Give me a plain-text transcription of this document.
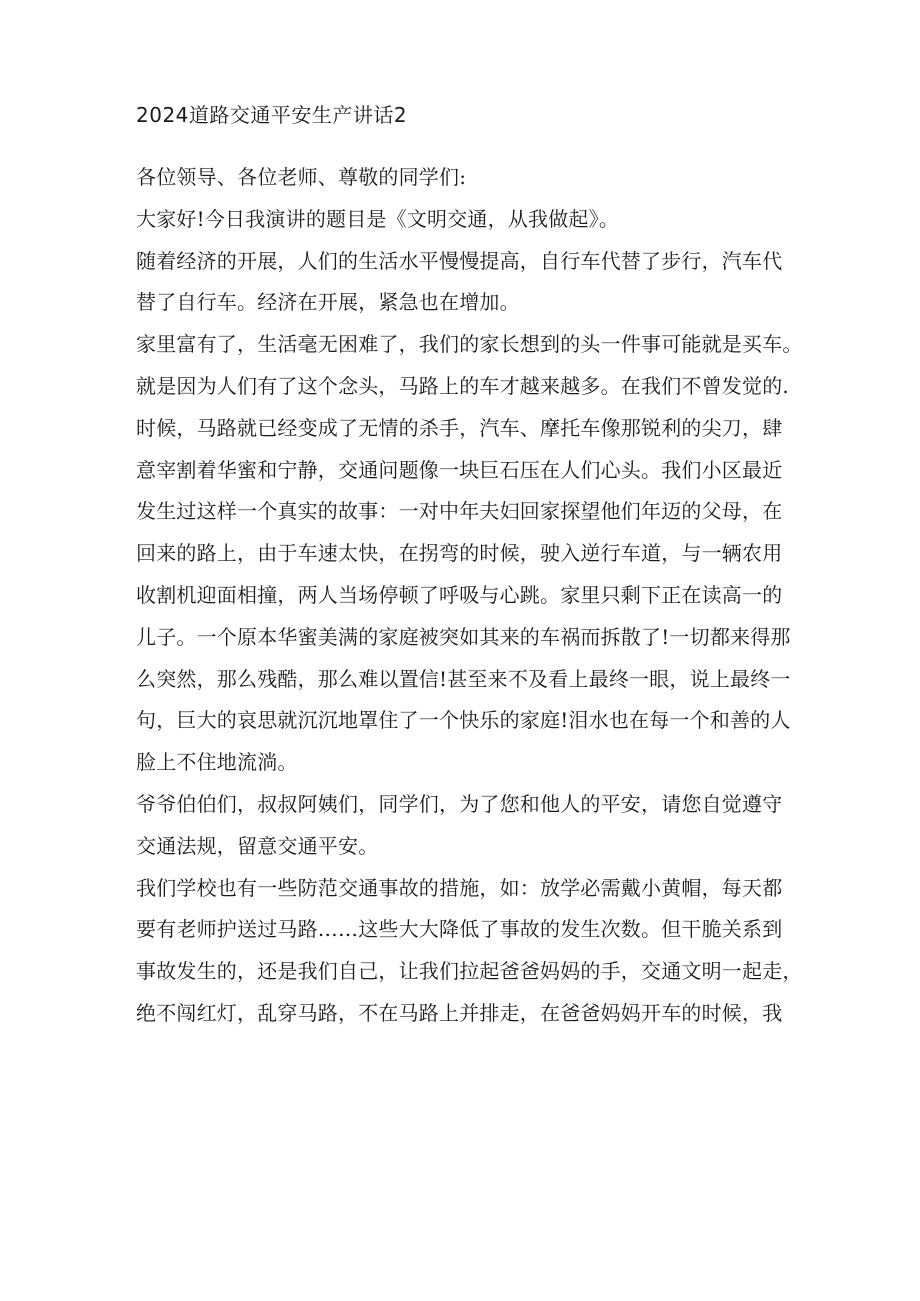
2024道路交通平安生产讲话2
各位领导、各位老师、尊敬的同学们:
大家好!今日我演讲的题目是《文明交通，从我做起》。
随着经济的开展，人们的生活水平慢慢提高，自行车代替了步行，汽车代
替了自行车。经济在开展，紧急也在增加。
家里富有了，生活毫无困难了，我们的家长想到的头一件事可能就是买车。
就是因为人们有了这个念头，马路上的车才越来越多。在我们不曾发觉的.
时候，马路就已经变成了无情的杀手，汽车、摩托车像那锐利的尖刀，肆
意宰割着华蜜和宁静，交通问题像一块巨石压在人们心头。我们小区最近
发生过这样一个真实的故事：一对中年夫妇回家探望他们年迈的父母，在
回来的路上，由于车速太快，在拐弯的时候，驶入逆行车道，与一辆农用
收割机迎面相撞，两人当场停顿了呼吸与心跳。家里只剩下正在读高一的
儿子。一个原本华蜜美满的家庭被突如其来的车祸而拆散了!一切都来得那
么突然，那么残酷，那么难以置信!甚至来不及看上最终一眼，说上最终一
句，巨大的哀思就沉沉地罩住了一个快乐的家庭!泪水也在每一个和善的人
脸上不住地流淌。
爷爷伯伯们，叔叔阿姨们，同学们，为了您和他人的平安，请您自觉遵守
交通法规，留意交通平安。
我们学校也有一些防范交通事故的措施，如：放学必需戴小黄帽，每天都
要有老师护送过马路……这些大大降低了事故的发生次数。但干脆关系到
事故发生的，还是我们自己，让我们拉起爸爸妈妈的手，交通文明一起走，
绝不闯红灯，乱穿马路，不在马路上并排走，在爸爸妈妈开车的时候，我
